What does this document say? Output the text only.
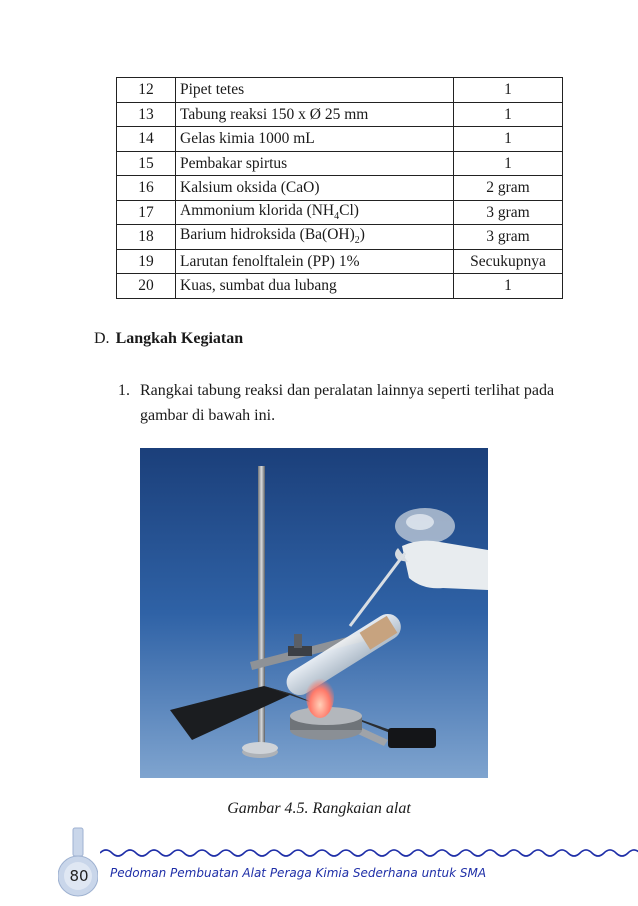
12	Pipet tetes	1
13	Tabung reaksi 150 x Ø 25 mm	1
14	Gelas kimia 1000 mL	1
15	Pembakar spirtus	1
16	Kalsium oksida (CaO)	2 gram
17	Ammonium klorida $(NH_4Cl)$	3 gram
18	Barium hidroksida $(Ba(OH)_2)$	3 gram
19	Larutan fenolftalein (PP) 1%	Secukupnya
20	Kuas, sumbat dua lubang	1
D. Langkah Kegiatan
1. Rangkai tabung reaksi dan peralatan lainnya seperti terlihat pada gambar di bawah ini.
Gambar 4.5. Rangkaian alat
80	Pedoman Pembuatan Alat Peraga Kimia Sederhana untuk SMA
